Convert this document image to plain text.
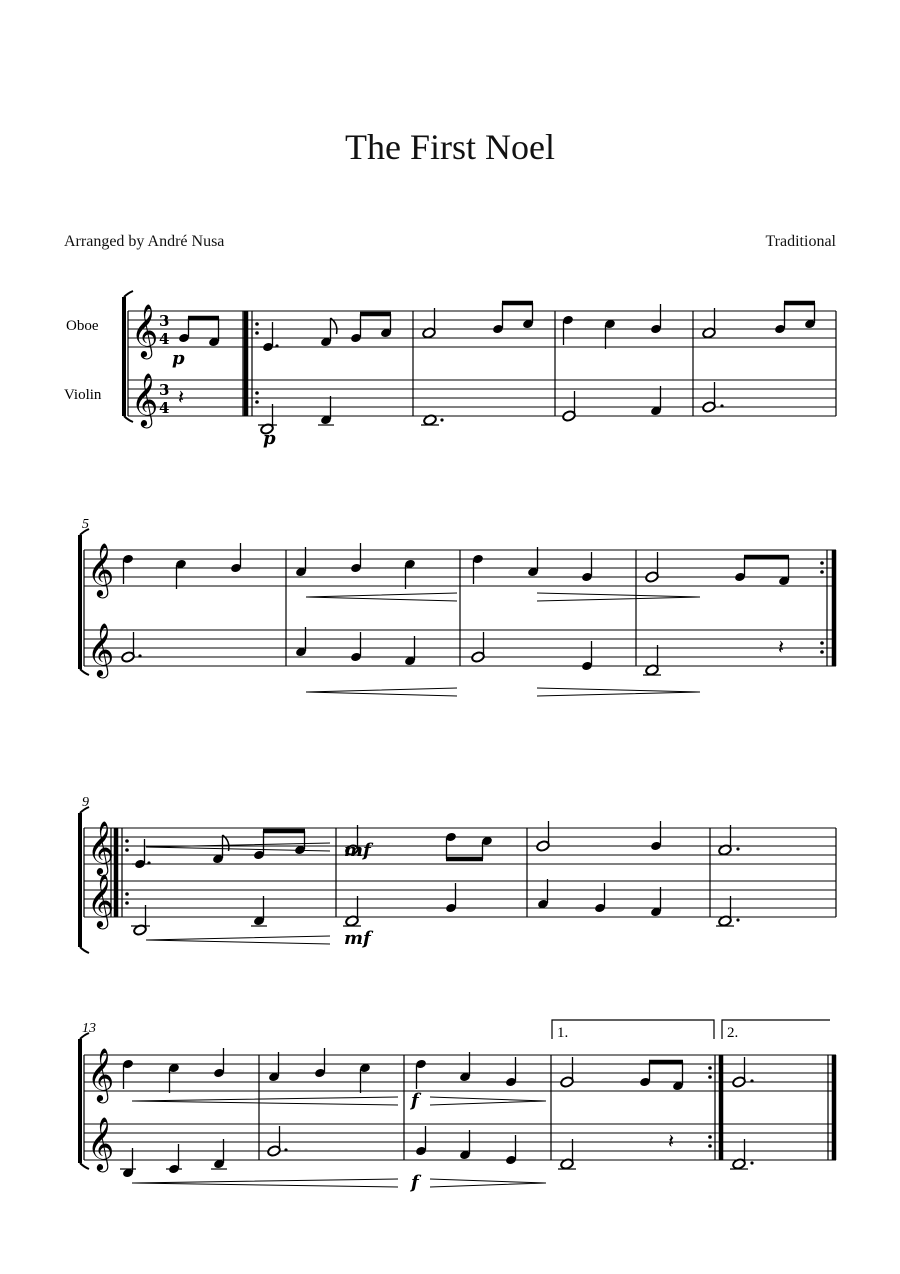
The First Noel
Arranged by André Nusa	Traditional
Oboe
Violin
𝄞
𝄞
3
4
3
4
p
𝄽
p
5
𝄞
𝄞	𝄽
9
𝄞
𝄞
mf
mf
13
𝄞
𝄞
f
f
1.
𝄽
2.
